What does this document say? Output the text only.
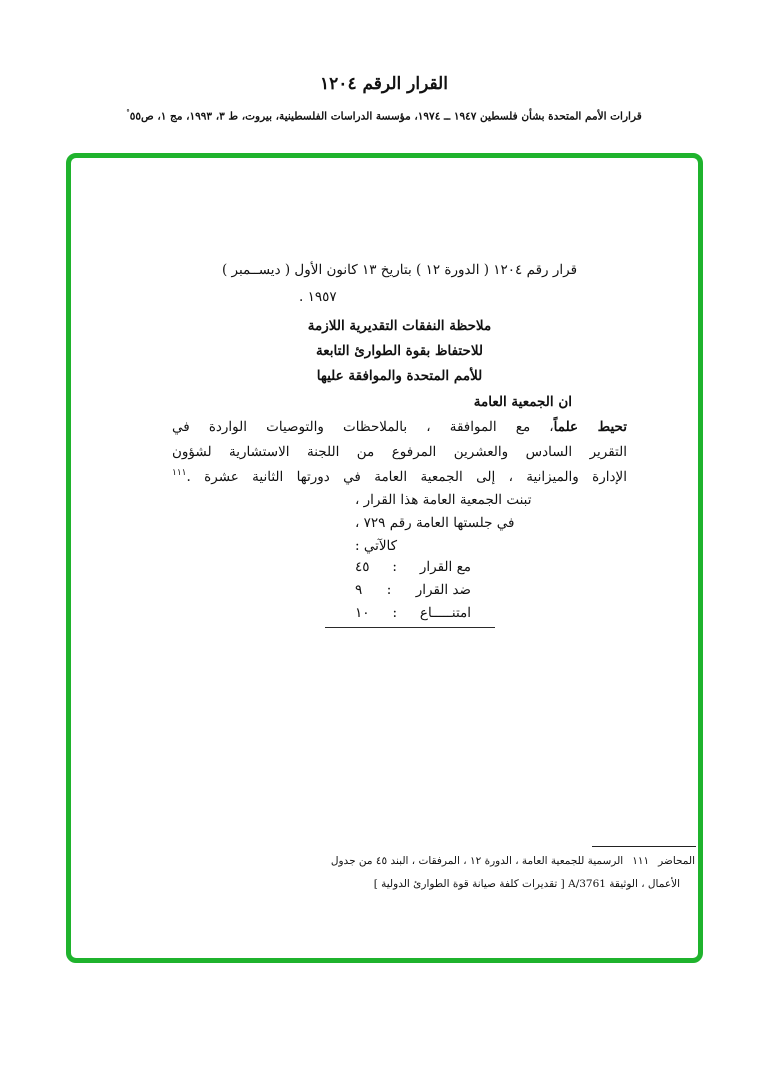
القرار الرقم ١٢٠٤
قرارات الأمم المتحدة بشأن فلسطين ١٩٤٧ ــ ١٩٧٤، مؤسسة الدراسات الفلسطينية، بيروت، ط ٣، ١٩٩٣، مج ١، ص٥٥°
قرار رقم ١٢٠٤ ( الدورة ١٢ ) بتاريخ ١٣ كانون الأول ( ديســمبر )
١٩٥٧ .
ملاحظة النفقات التقديرية اللازمة
للاحتفاظ بقوة الطوارئ التابعة
للأمم المتحدة والموافقة عليها
ان الجمعية العامة
تحيط علماً، مع الموافقة ، بالملاحظات والتوصيات الواردة في
التقرير السادس والعشرين المرفوع من اللجنة الاستشارية لشؤون
الإدارة والميزانية ، إلى الجمعية العامة في دورتها الثانية عشرة .$^{١١١}$
تبنت الجمعية العامة هذا القرار ،
في جلستها العامة رقم ٧٢٩ ،
كالآتي :
مع القرار
:
٤٥
ضد القرار
:
٩
امتنـــــاع
:
١٠
المحاضر١١١الرسمية للجمعية العامة ، الدورة ١٢ ، المرفقات ، البند ٤٥ من جدول
الأعمال ، الوثيقة A/3761 [ تقديرات كلفة صيانة قوة الطوارئ الدولية ]
